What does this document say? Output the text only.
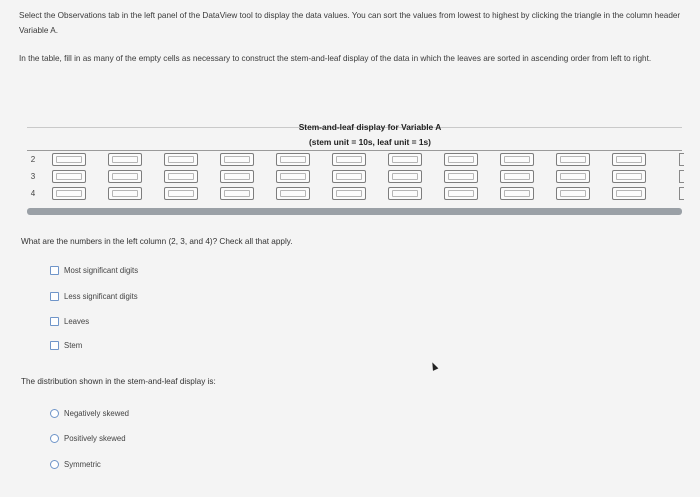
Select the Observations tab in the left panel of the DataView tool to display the data values. You can sort the values from lowest to highest by clicking the triangle in the column header Variable A.

In the table, fill in as many of the empty cells as necessary to construct the stem-and-leaf display of the data in which the leaves are sorted in ascending order from left to right.

Stem-and-leaf display for Variable A
(stem unit = 10s, leaf unit = 1s)
2
3
4
What are the numbers in the left column (2, 3, and 4)? Check all that apply.
Most significant digits
Less significant digits
Leaves
Stem
The distribution shown in the stem-and-leaf display is:
Negatively skewed
Positively skewed
Symmetric
